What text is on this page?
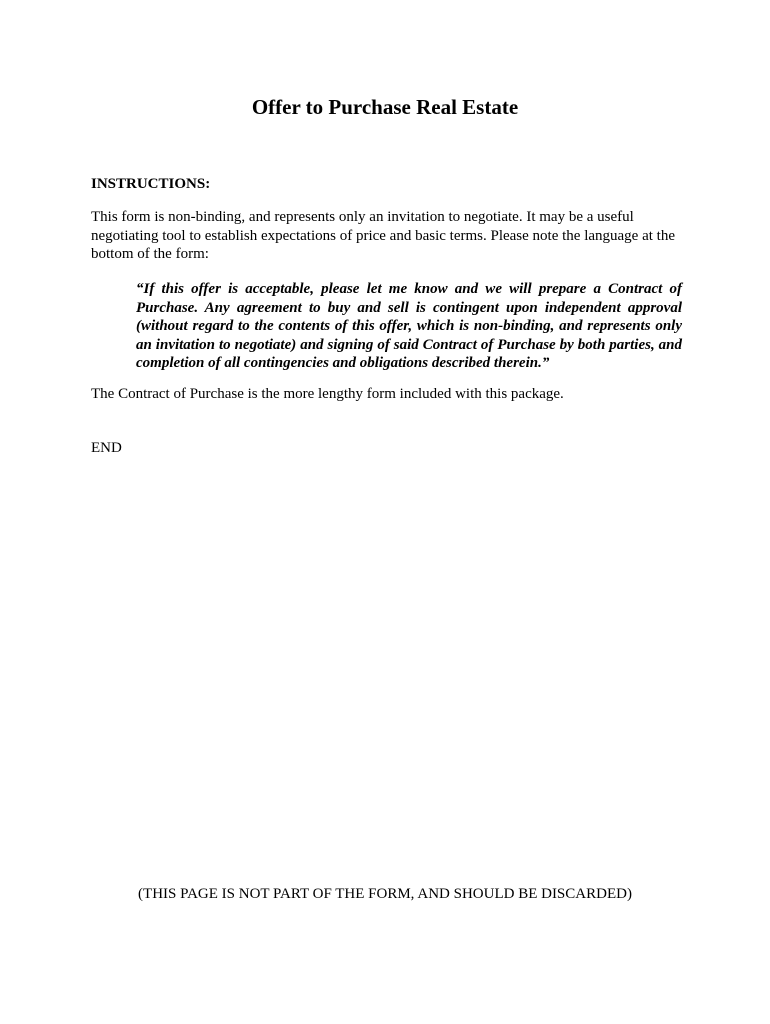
Offer to Purchase Real Estate
INSTRUCTIONS:
This form is non-binding, and represents only an invitation to negotiate. It may be a useful negotiating tool to establish expectations of price and basic terms. Please note the language at the bottom of the form:
“If this offer is acceptable, please let me know and we will prepare a Contract of Purchase. Any agreement to buy and sell is contingent upon independent approval (without regard to the contents of this offer, which is non-binding, and represents only an invitation to negotiate) and signing of said Contract of Purchase by both parties, and completion of all contingencies and obligations described therein.”
The Contract of Purchase is the more lengthy form included with this package.
END
(THIS PAGE IS NOT PART OF THE FORM, AND SHOULD BE DISCARDED)
